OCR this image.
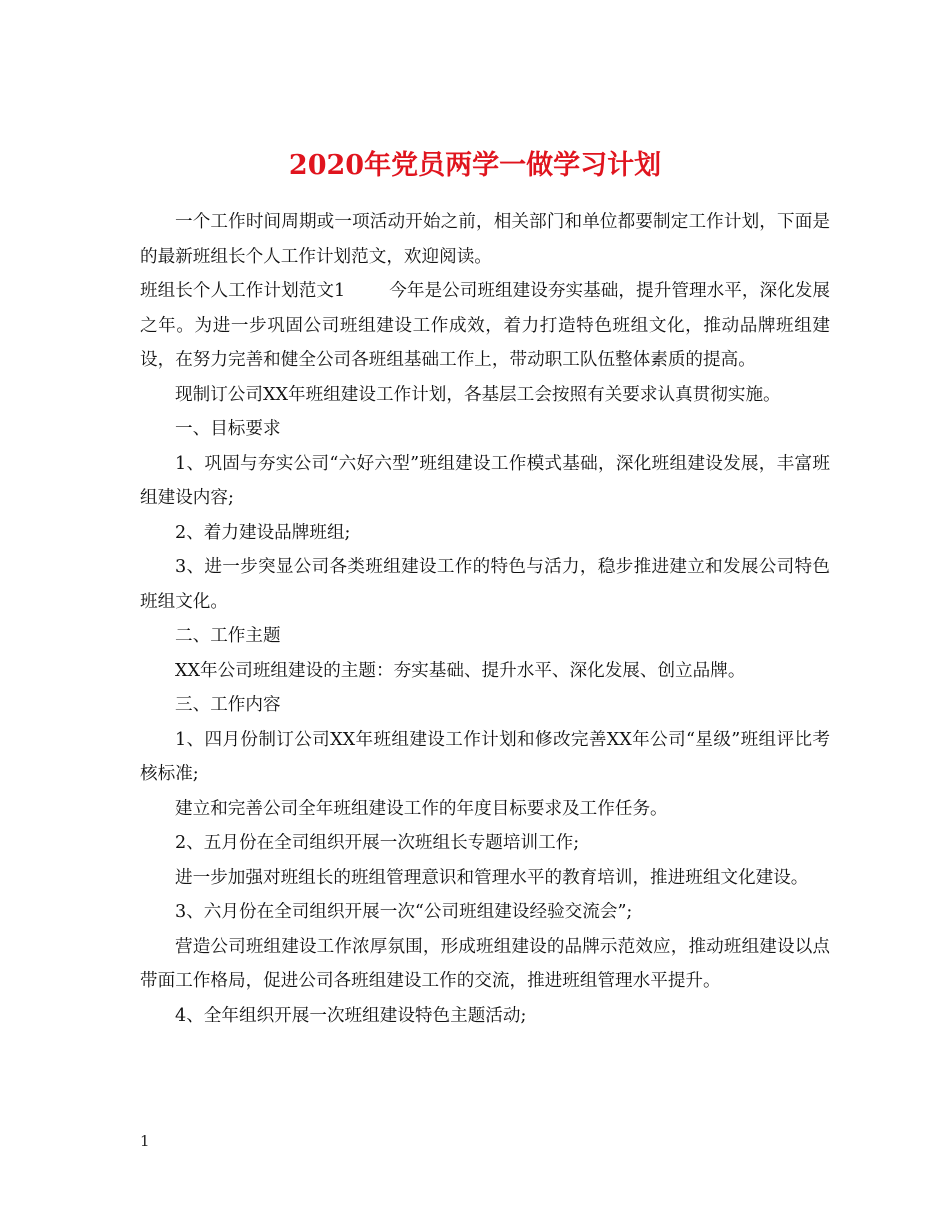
2020年党员两学一做学习计划

一个工作时间周期或一项活动开始之前，相关部门和单位都要制定工作计划，下面是的最新班组长个人工作计划范文，欢迎阅读。

班组长个人工作计划范文1	今年是公司班组建设夯实基础，提升管理水平，深化发展之年。为进一步巩固公司班组建设工作成效，着力打造特色班组文化，推动品牌班组建设，在努力完善和健全公司各班组基础工作上，带动职工队伍整体素质的提高。

现制订公司XX年班组建设工作计划，各基层工会按照有关要求认真贯彻实施。

一、目标要求

1、巩固与夯实公司“六好六型”班组建设工作模式基础，深化班组建设发展，丰富班组建设内容;

2、着力建设品牌班组;

3、进一步突显公司各类班组建设工作的特色与活力，稳步推进建立和发展公司特色班组文化。

二、工作主题

XX年公司班组建设的主题：夯实基础、提升水平、深化发展、创立品牌。

三、工作内容

1、四月份制订公司XX年班组建设工作计划和修改完善XX年公司“星级”班组评比考核标准;

建立和完善公司全年班组建设工作的年度目标要求及工作任务。

2、五月份在全司组织开展一次班组长专题培训工作;

进一步加强对班组长的班组管理意识和管理水平的教育培训，推进班组文化建设。

3、六月份在全司组织开展一次“公司班组建设经验交流会”;

营造公司班组建设工作浓厚氛围，形成班组建设的品牌示范效应，推动班组建设以点带面工作格局，促进公司各班组建设工作的交流，推进班组管理水平提升。

4、全年组织开展一次班组建设特色主题活动;

1
